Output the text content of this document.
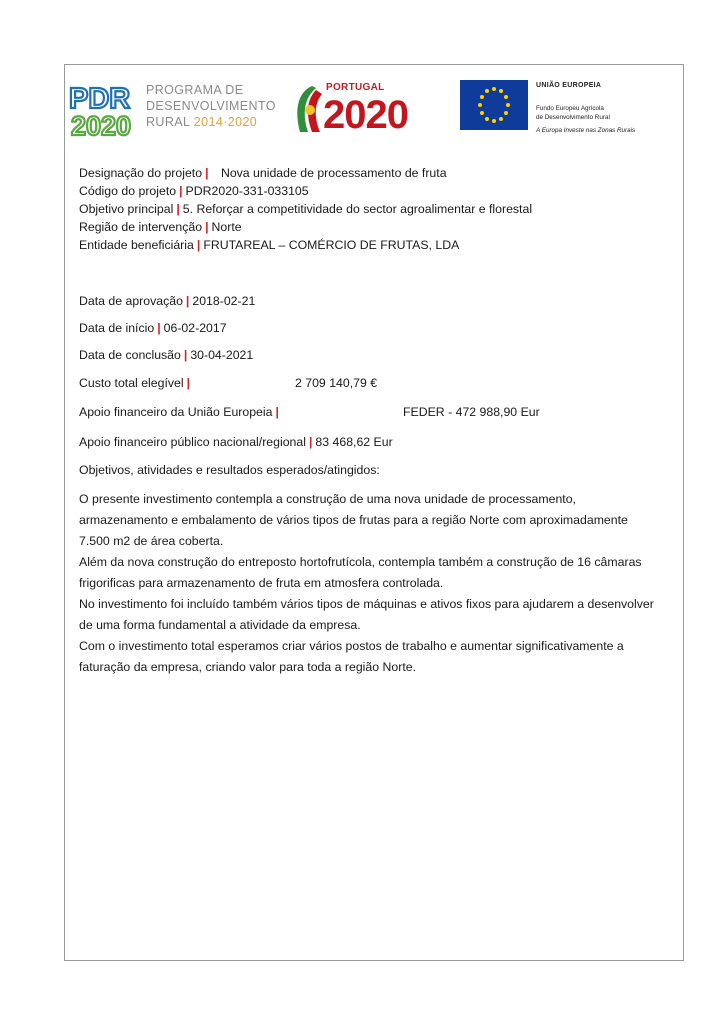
PDR
2020
PROGRAMA DE
DESENVOLVIMENTO
RURAL 2014·2020
PORTUGAL
2020
UNIÃO EUROPEIA
Fundo Europeu Agrícola
de Desenvolvimento Rural
A Europa Investe nas Zonas Rurais
Designação do projeto | Nova unidade de processamento de fruta
Código do projeto | PDR2020-331-033105
Objetivo principal | 5. Reforçar a competitividade do sector agroalimentar e florestal
Região de intervenção | Norte
Entidade beneficiária | FRUTAREAL – COMÉRCIO DE FRUTAS, LDA
Data de aprovação | 2018-02-21
Data de início | 06-02-2017
Data de conclusão | 30-04-2021
Custo total elegível |	2 709 140,79 €
Apoio financeiro da União Europeia |	FEDER - 472 988,90 Eur
Apoio financeiro público nacional/regional | 83 468,62 Eur
Objetivos, atividades e resultados esperados/atingidos:

O presente investimento contempla a construção de uma nova unidade de processamento, armazenamento e embalamento de vários tipos de frutas para a região Norte com aproximadamente 7.500 m2 de área coberta.

Além da nova construção do entreposto hortofrutícola, contempla também a construção de 16 câmaras frigorificas para armazenamento de fruta em atmosfera controlada.

No investimento foi incluído também vários tipos de máquinas e ativos fixos para ajudarem a desenvolver de uma forma fundamental a atividade da empresa.

Com o investimento total esperamos criar vários postos de trabalho e aumentar significativamente a faturação da empresa, criando valor para toda a região Norte.
